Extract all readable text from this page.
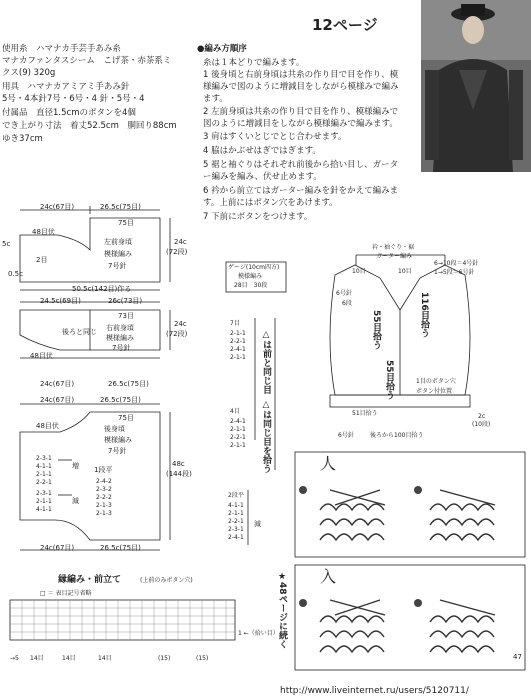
12ページ
使用糸　ハマナカ手芸手あみ糸
マナカファンタスシーム　こげ茶・赤茶系ミ
クス(9) 320g
用具　ハマナカアミアミ手あみ針
5号・4本針7号・6号・4 針・5号・4
付属品　直径1.5cmのボタンを4個
でき上がり寸法　着丈52.5cm　胴回り88cm
ゆき37cm
●編み方順序
糸は１本どりで編みます。
1 後身頃と右前身頃は共糸の作り目で目を作り、模
様編みで図のように増減目をしながら模様みで編み
ます。
2 左前身頃は共糸の作り目で目を作り、模様編みで
図のように増減目をしながら模様編みで編みます。
3 肩はすくいとじでとじ合わせます。
4 脇はかぶせはぎではぎます。
5 裾と袖ぐりはそれぞれ前後から拾い目し、ガータ
ー編みを編み、伏せ止めます。
6 衿から前立てはガーター編みを針をかえて編みま
す。上前にはボタン穴をあけます。
7 下前にボタンをつけます。
24c(67目)	26.5c(75目)
75目
48目伏
左前身頃
模様編み
7号針
50.5c(142目)作る
24c
(72段)
5c
0.5c
2目
24.5c(69目)	26c(73目)
73目
右前身頃
模様編み
7号針
後ろと同じ
48目伏
24c(67目)	26.5c(75目)
24c
(72段)
24c(67目)	26.5c(75目)
75目
48目伏	後身頃
模様編み
7号針
増
減
1段平
48c
(144段)
2-3-1
4-1-1
2-1-1
2-2-1
2-3-1
2-1-1
4-1-1
2-4-2
2-3-2
2-2-2
2-1-3
2-1-3
24c(67目)	26.5c(75目)
ゲージ(10cm四方)
模様編み
28目　30段
7目
2-1-1
2-2-1
2-4-1
2-1-1
4目
2-4-1
2-1-1
2-2-1
2-1-1
2段平
4-1-1
2-1-1
2-2-1
2-3-1
2-4-1
減
△は前と同じ目
△は同じ目を拾う
衿・袖ぐり・裾
ガーター編み
6→10段＝4号針
1→5段＝6号針
10目	10目
6号針
55目拾う
55目拾う	1目のボタン穴
ボタン付位置
51目拾う
後ろから100目拾う
6号針
2c
(10段)
6段	116目拾う
縁編み・前立て	(上前のみボタン穴)
□ ＝ 表目記号省略
1 ←（拾い目）
14目	14目	14目	(15)	(15)
→5
★48ページに続く
人
入
47
http://www.liveinternet.ru/users/5120711/
